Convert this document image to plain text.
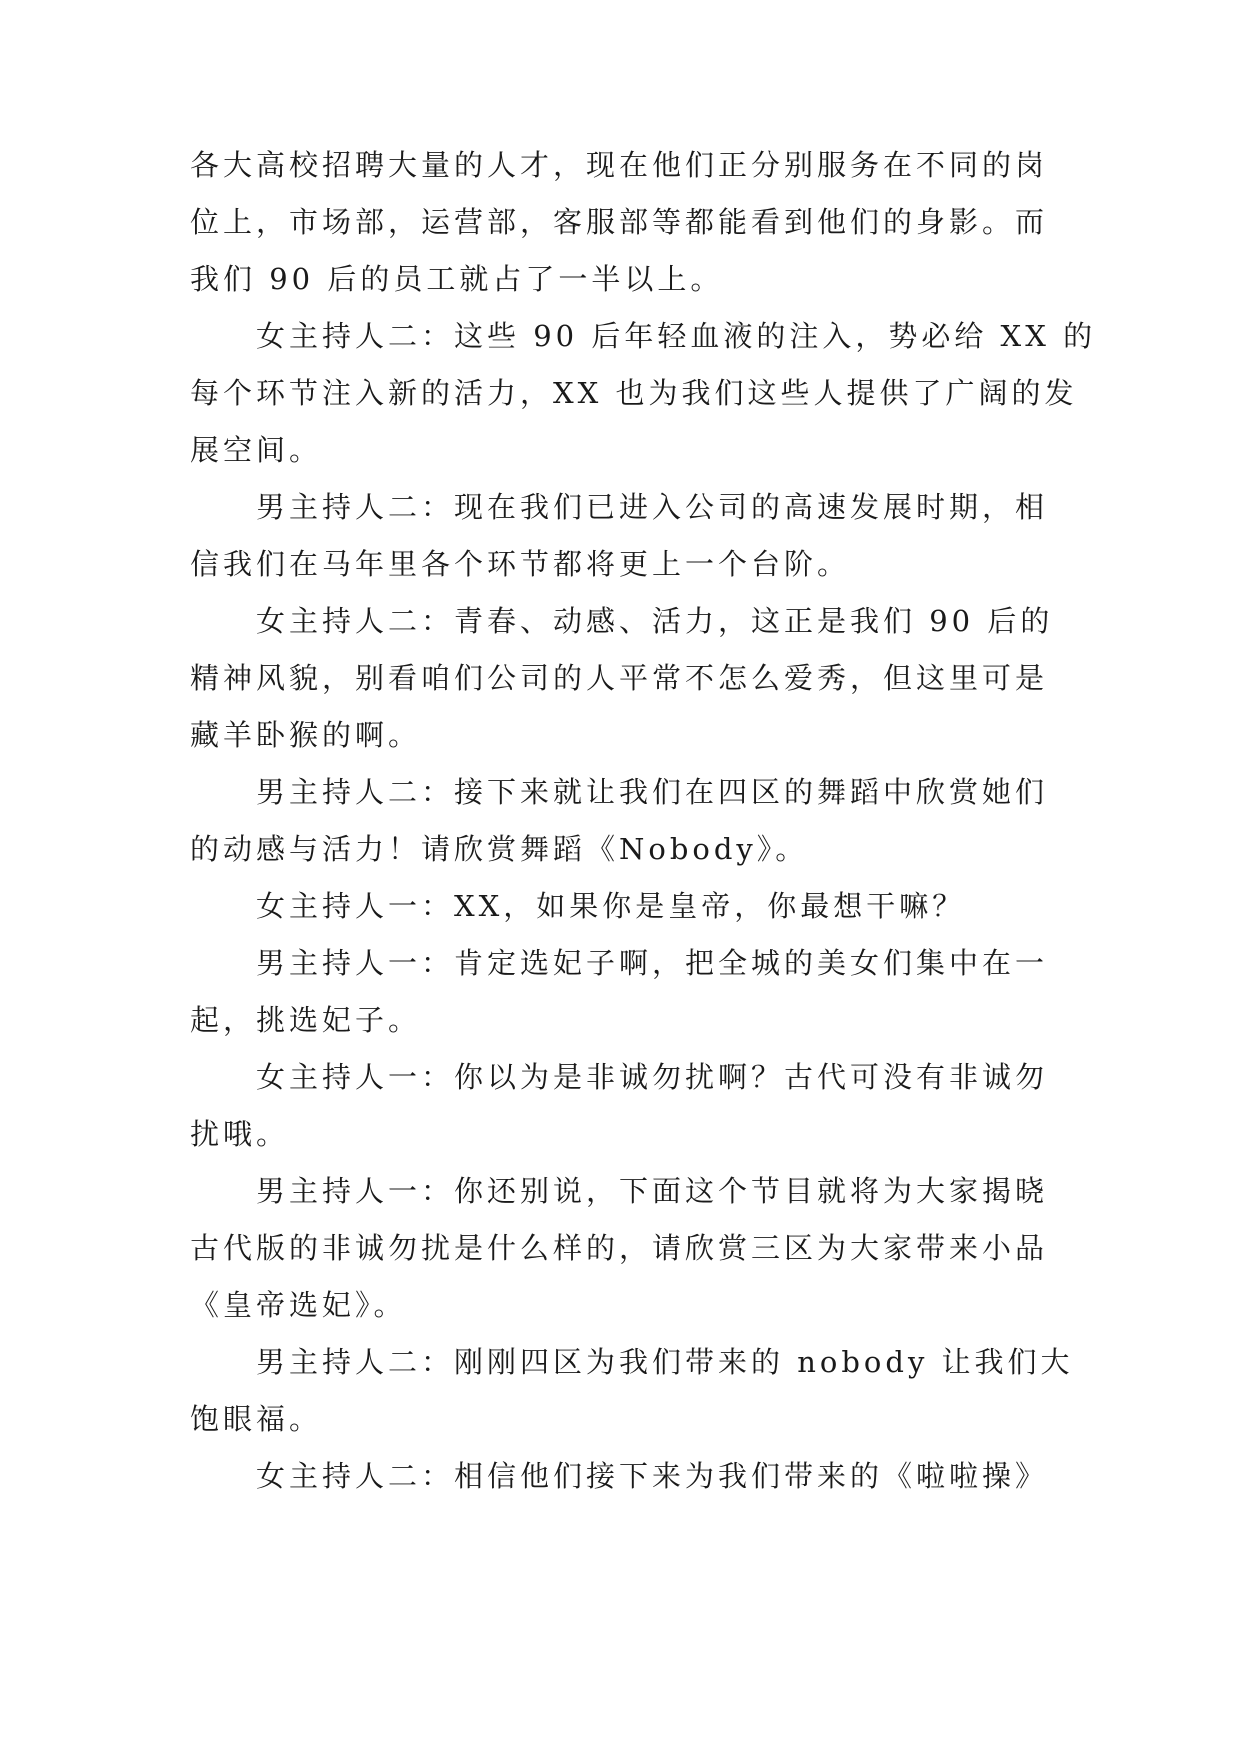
各大高校招聘大量的人才，现在他们正分别服务在不同的岗
位上，市场部，运营部，客服部等都能看到他们的身影。而
我们 90 后的员工就占了一半以上。
女主持人二：这些 90 后年轻血液的注入，势必给 XX 的
每个环节注入新的活力，XX 也为我们这些人提供了广阔的发
展空间。
男主持人二：现在我们已进入公司的高速发展时期，相
信我们在马年里各个环节都将更上一个台阶。
女主持人二：青春、动感、活力，这正是我们 90 后的
精神风貌，别看咱们公司的人平常不怎么爱秀，但这里可是
藏羊卧猴的啊。
男主持人二：接下来就让我们在四区的舞蹈中欣赏她们
的动感与活力！请欣赏舞蹈《Nobody》。
女主持人一：XX，如果你是皇帝，你最想干嘛？
男主持人一：肯定选妃子啊，把全城的美女们集中在一
起，挑选妃子。
女主持人一：你以为是非诚勿扰啊？古代可没有非诚勿
扰哦。
男主持人一：你还别说，下面这个节目就将为大家揭晓
古代版的非诚勿扰是什么样的，请欣赏三区为大家带来小品
《皇帝选妃》。
男主持人二：刚刚四区为我们带来的 nobody 让我们大
饱眼福。
女主持人二：相信他们接下来为我们带来的《啦啦操》
